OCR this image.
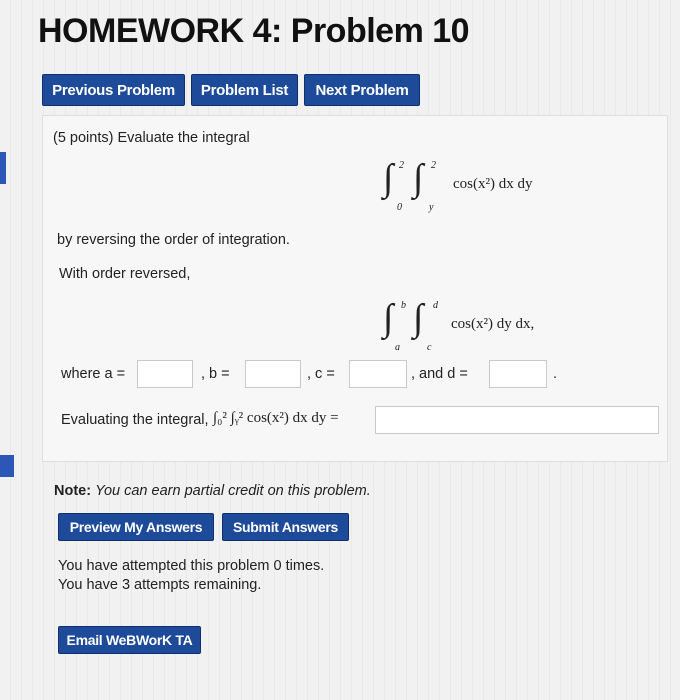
HOMEWORK 4: Problem 10
Previous Problem	Problem List	Next Problem
(5 points) Evaluate the integral
∫ 2
0
∫ 2
y
cos(x²) dx dy
by reversing the order of integration.
With order reversed,
∫ b
a
∫ d
c
cos(x²) dy dx,
where a =	, b =	, c =	, and d =	.
Evaluating the integral, ∫₀² ∫ᵧ² cos(x²) dx dy =
Note: You can earn partial credit on this problem.
Preview My Answers	Submit Answers
You have attempted this problem 0 times.
You have 3 attempts remaining.
Email WeBWorK TA
